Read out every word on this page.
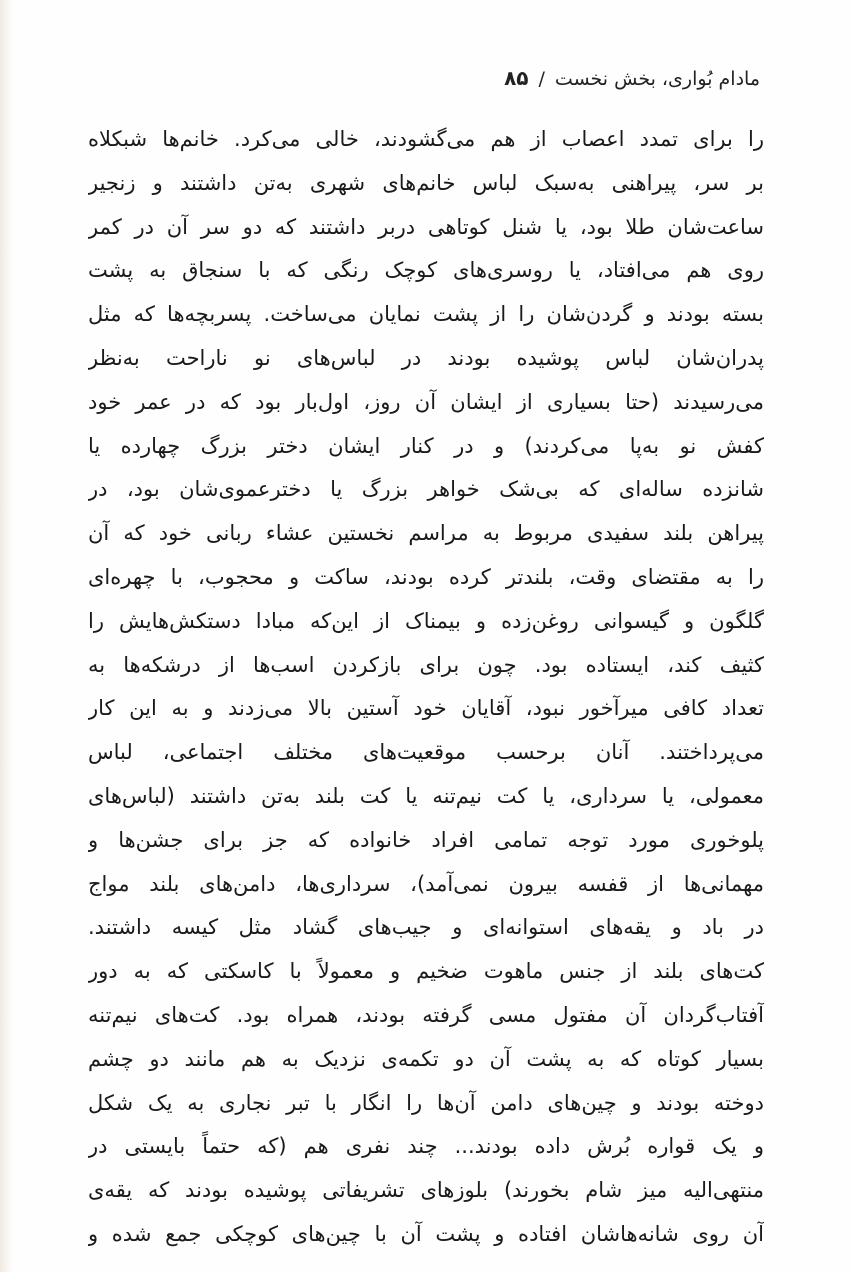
مادام بُواری، بخش نخست/۸۵
را برای تمدد اعصاب از هم می‌گشودند، خالی می‌کرد. خانم‌ها شبکلاه
بر سر، پیراهنی به‌سبک لباس خانم‌های شهری به‌تن داشتند و زنجیر
ساعت‌شان طلا بود، یا شنل کوتاهی دربر داشتند که دو سر آن در کمر
روی هم می‌افتاد، یا روسری‌های کوچک رنگی که با سنجاق به پشت
بسته بودند و گردن‌شان را از پشت نمایان می‌ساخت. پسربچه‌ها که مثل
پدران‌شان لباس پوشیده بودند در لباس‌های نو ناراحت به‌نظر
می‌رسیدند (حتا بسیاری از ایشان آن روز، اول‌بار بود که در عمر خود
کفش نو به‌پا می‌کردند) و در کنار ایشان دختر بزرگ چهارده یا
شانزده ساله‌ای که بی‌شک خواهر بزرگ یا دخترعموی‌شان بود، در
پیراهن بلند سفیدی مربوط به مراسم نخستین عشاء ربانی خود که آن
را به مقتضای وقت، بلندتر کرده بودند، ساکت و محجوب، با چهره‌ای
گلگون و گیسوانی روغن‌زده و بیمناک از این‌که مبادا دستکش‌هایش را
کثیف کند، ایستاده بود. چون برای بازکردن اسب‌ها از درشکه‌ها به
تعداد کافی میرآخور نبود، آقایان خود آستین بالا می‌زدند و به این کار
می‌پرداختند. آنان برحسب موقعیت‌های مختلف اجتماعی، لباس
معمولی، یا سرداری، یا کت نیم‌تنه یا کت بلند به‌تن داشتند (لباس‌های
پلوخوری مورد توجه تمامی افراد خانواده که جز برای جشن‌ها و
مهمانی‌ها از قفسه بیرون نمی‌آمد)، سرداری‌ها، دامن‌های بلند مواج
در باد و یقه‌های استوانه‌ای و جیب‌های گشاد مثل کیسه داشتند.
کت‌های بلند از جنس ماهوت ضخیم و معمولاً با کاسکتی که به دور
آفتاب‌گردان آن مفتول مسی گرفته بودند، همراه بود. کت‌های نیم‌تنه
بسیار کوتاه که به پشت آن دو تکمه‌ی نزدیک به هم مانند دو چشم
دوخته بودند و چین‌های دامن آن‌ها را انگار با تبر نجاری به یک شکل
و یک قواره بُرش داده بودند... چند نفری هم (که حتماً بایستی در
منتهی‌الیه میز شام بخورند) بلوزهای تشریفاتی پوشیده بودند که یقه‌ی
آن روی شانه‌هاشان افتاده و پشت آن با چین‌های کوچکی جمع شده و
